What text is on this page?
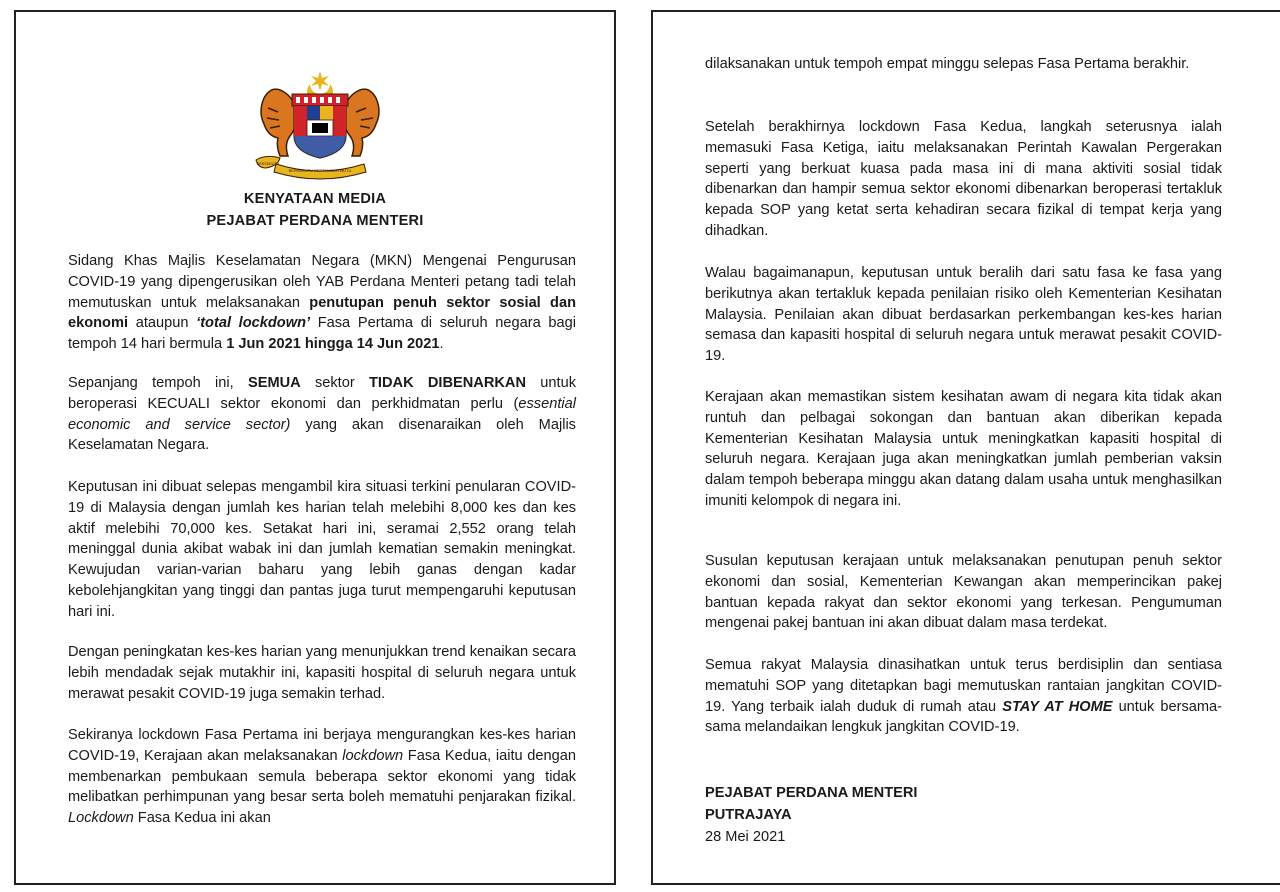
BERSEKUTU
BERSEKUTU BERTAMBAH MUTU
KENYATAAN MEDIA
PEJABAT PERDANA MENTERI

Sidang Khas Majlis Keselamatan Negara (MKN) Mengenai Pengurusan COVID-19 yang dipengerusikan oleh YAB Perdana Menteri petang tadi telah memutuskan untuk melaksanakan penutupan penuh sektor sosial dan ekonomi ataupun ‘total lockdown’ Fasa Pertama di seluruh negara bagi tempoh 14 hari bermula 1 Jun 2021 hingga 14 Jun 2021.

Sepanjang tempoh ini, SEMUA sektor TIDAK DIBENARKAN untuk beroperasi KECUALI sektor ekonomi dan perkhidmatan perlu (essential economic and service sector) yang akan disenaraikan oleh Majlis Keselamatan Negara.

Keputusan ini dibuat selepas mengambil kira situasi terkini penularan COVID-19 di Malaysia dengan jumlah kes harian telah melebihi 8,000 kes dan kes aktif melebihi 70,000 kes. Setakat hari ini, seramai 2,552 orang telah meninggal dunia akibat wabak ini dan jumlah kematian semakin meningkat. Kewujudan varian-varian baharu yang lebih ganas dengan kadar kebolehjangkitan yang tinggi dan pantas juga turut mempengaruhi keputusan hari ini.

Dengan peningkatan kes-kes harian yang menunjukkan trend kenaikan secara lebih mendadak sejak mutakhir ini, kapasiti hospital di seluruh negara untuk merawat pesakit COVID-19 juga semakin terhad.

Sekiranya lockdown Fasa Pertama ini berjaya mengurangkan kes-kes harian COVID-19, Kerajaan akan melaksanakan lockdown Fasa Kedua, iaitu dengan membenarkan pembukaan semula beberapa sektor ekonomi yang tidak melibatkan perhimpunan yang besar serta boleh mematuhi penjarakan fizikal. Lockdown Fasa Kedua ini akan

dilaksanakan untuk tempoh empat minggu selepas Fasa Pertama berakhir.

Setelah berakhirnya lockdown Fasa Kedua, langkah seterusnya ialah memasuki Fasa Ketiga, iaitu melaksanakan Perintah Kawalan Pergerakan seperti yang berkuat kuasa pada masa ini di mana aktiviti sosial tidak dibenarkan dan hampir semua sektor ekonomi dibenarkan beroperasi tertakluk kepada SOP yang ketat serta kehadiran secara fizikal di tempat kerja yang dihadkan.

Walau bagaimanapun, keputusan untuk beralih dari satu fasa ke fasa yang berikutnya akan tertakluk kepada penilaian risiko oleh Kementerian Kesihatan Malaysia. Penilaian akan dibuat berdasarkan perkembangan kes-kes harian semasa dan kapasiti hospital di seluruh negara untuk merawat pesakit COVID-19.

Kerajaan akan memastikan sistem kesihatan awam di negara kita tidak akan runtuh dan pelbagai sokongan dan bantuan akan diberikan kepada Kementerian Kesihatan Malaysia untuk meningkatkan kapasiti hospital di seluruh negara. Kerajaan juga akan meningkatkan jumlah pemberian vaksin dalam tempoh beberapa minggu akan datang dalam usaha untuk menghasilkan imuniti kelompok di negara ini.

Susulan keputusan kerajaan untuk melaksanakan penutupan penuh sektor ekonomi dan sosial, Kementerian Kewangan akan memperincikan pakej bantuan kepada rakyat dan sektor ekonomi yang terkesan. Pengumuman mengenai pakej bantuan ini akan dibuat dalam masa terdekat.

Semua rakyat Malaysia dinasihatkan untuk terus berdisiplin dan sentiasa mematuhi SOP yang ditetapkan bagi memutuskan rantaian jangkitan COVID-19. Yang terbaik ialah duduk di rumah atau STAY AT HOME untuk bersama-sama melandaikan lengkuk jangkitan COVID-19.

PEJABAT PERDANA MENTERI
PUTRAJAYA
28 Mei 2021
